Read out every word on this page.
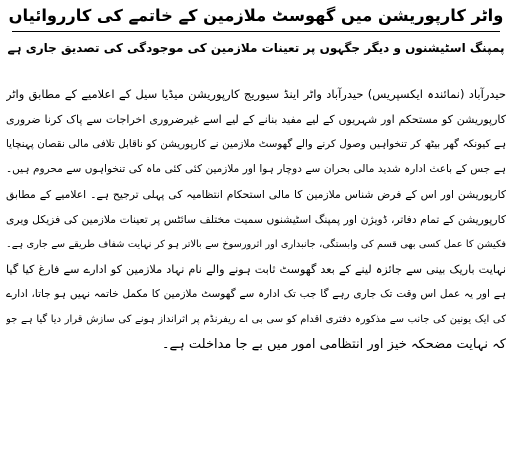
واٹر کارپوریشن میں گھوسٹ ملازمین کے خاتمے کی کارروائیاں
پمپنگ اسٹیشنوں و دیگر جگہوں پر تعینات ملازمین کی موجودگی کی تصدیق جاری ہے
حیدرآباد (نمائندہ ایکسپریس) حیدرآباد واٹر اینڈ سیوریج کارپوریشن میڈیا سیل کے اعلامیے کے مطابق واٹر
کارپوریشن کو مستحکم اور شہریوں کے لیے مفید بنانے کے لیے اسے غیرضروری اخراجات سے پاک کرنا ضروری
ہے کیونکہ گھر بیٹھ کر تنخواہیں وصول کرنے والے گھوسٹ ملازمین نے کارپوریشن کو ناقابل تلافی مالی نقصان پہنچایا
ہے جس کے باعث ادارہ شدید مالی بحران سے دوچار ہوا اور ملازمین کئی کئی ماہ کی تنخواہوں سے محروم ہیں۔
کارپوریشن اور اس کے فرض شناس ملازمین کا مالی استحکام انتظامیہ کی پہلی ترجیح ہے۔ اعلامیے کے مطابق
کارپوریشن کے تمام دفاتر، ڈویژن اور پمپنگ اسٹیشنوں سمیت مختلف سائٹس پر تعینات ملازمین کی فزیکل ویری
فکیشن کا عمل کسی بھی قسم کی وابستگی، جانبداری اور اثرورسوخ سے بالاتر ہو کر نہایت شفاف طریقے سے جاری ہے۔
نہایت باریک بینی سے جائزہ لینے کے بعد گھوسٹ ثابت ہونے والے نام نہاد ملازمین کو ادارے سے فارغ کیا گیا
ہے اور یہ عمل اس وقت تک جاری رہے گا جب تک ادارہ سے گھوسٹ ملازمین کا مکمل خاتمہ نہیں ہو جاتا، ادارے
کی ایک یونین کی جانب سے مذکورہ دفتری اقدام کو سی بی اے ریفرنڈم پر اثرانداز ہونے کی سازش قرار دیا گیا ہے جو
کہ نہایت مضحکہ خیز اور انتظامی امور میں بے جا مداخلت ہے۔
